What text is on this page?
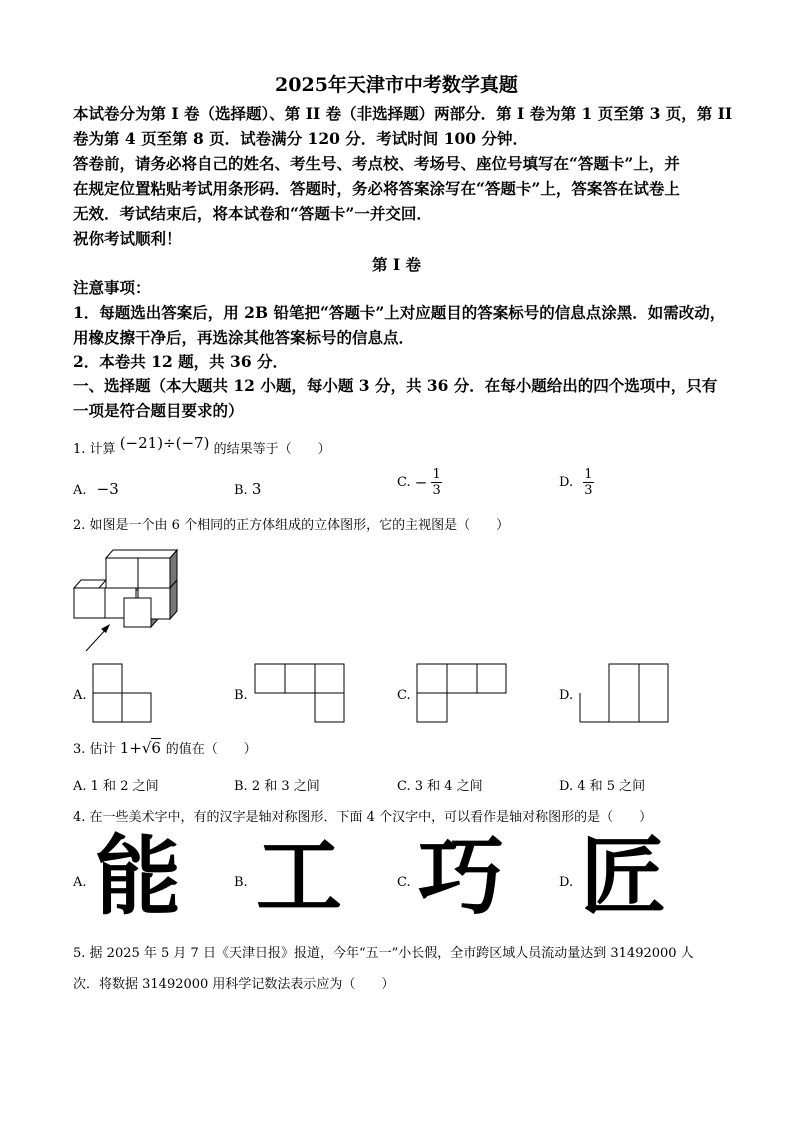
2025年天津市中考数学真题
本试卷分为第 I 卷（选择题）、第 II 卷（非选择题）两部分．第 I 卷为第 1 页至第 3 页，第 II
卷为第 4 页至第 8 页．试卷满分 120 分．考试时间 100 分钟．
答卷前，请务必将自己的姓名、考生号、考点校、考场号、座位号填写在“答题卡”上，并
在规定位置粘贴考试用条形码．答题时，务必将答案涂写在“答题卡”上，答案答在试卷上
无效．考试结束后，将本试卷和“答题卡”一并交回．
祝你考试顺利！
第 I 卷
注意事项：
1．每题选出答案后，用 2B 铅笔把“答题卡”上对应题目的答案标号的信息点涂黑．如需改动，
用橡皮擦干净后，再选涂其他答案标号的信息点．
2．本卷共 12 题，共 36 分．
一、选择题（本大题共 12 小题，每小题 3 分，共 36 分．在每小题给出的四个选项中，只有
一项是符合题目要求的）
1. 计算 (−21)÷(−7) 的结果等于（　　）
A. −3	B. 3	C. − $\frac{1}{3}$	D. $\frac{1}{3}$
2. 如图是一个由 6 个相同的正方体组成的立体图形，它的主视图是（　　）
A.	B.	C.	D.
3. 估计 1+√6 的值在（　　）
A. 1 和 2 之间	B. 2 和 3 之间	C. 3 和 4 之间	D. 4 和 5 之间
4. 在一些美术字中，有的汉字是轴对称图形．下面 4 个汉字中，可以看作是轴对称图形的是（　　）
A. 能	B. 工	C. 巧	D. 匠
5. 据 2025 年 5 月 7 日《天津日报》报道，今年“五一”小长假，全市跨区域人员流动量达到 31492000 人
次．将数据 31492000 用科学记数法表示应为（　　）
